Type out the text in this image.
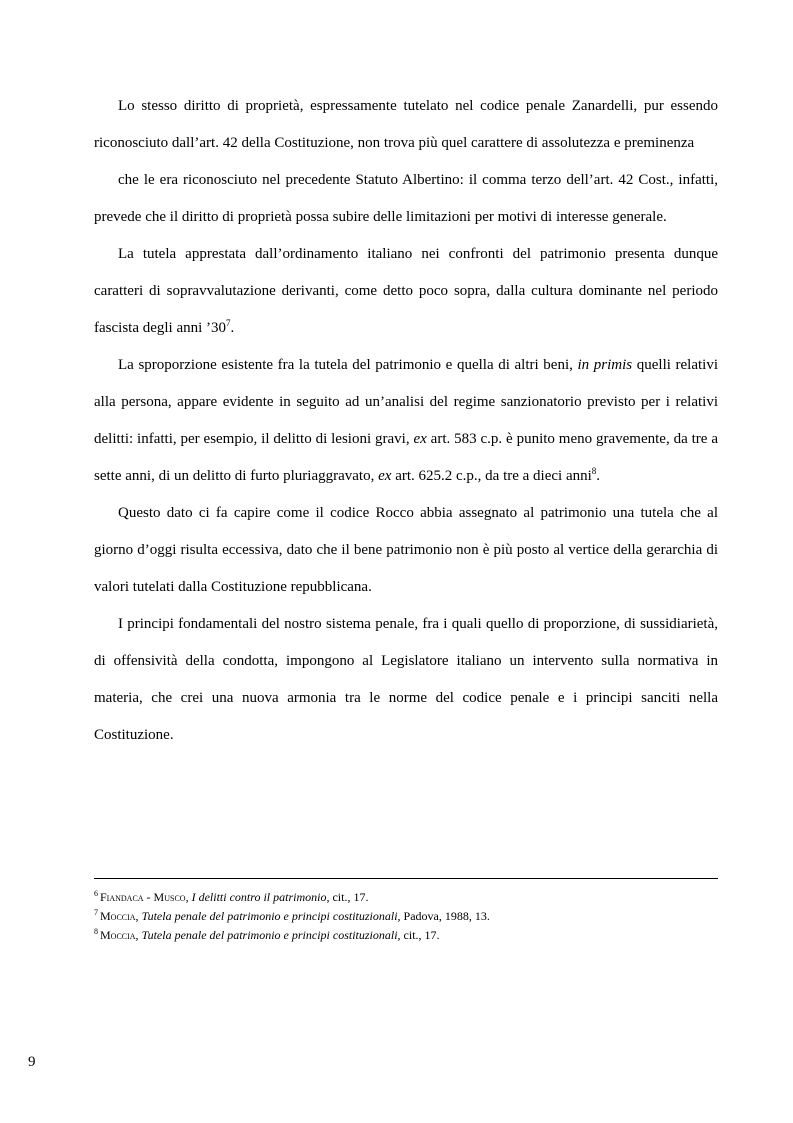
Lo stesso diritto di proprietà, espressamente tutelato nel codice penale Zanardelli, pur essendo riconosciuto dall’art. 42 della Costituzione, non trova più quel carattere di assolutezza e preminenza

che le era riconosciuto nel precedente Statuto Albertino: il comma terzo dell’art. 42 Cost., infatti, prevede che il diritto di proprietà possa subire delle limitazioni per motivi di interesse generale.

La tutela apprestata dall’ordinamento italiano nei confronti del patrimonio presenta dunque caratteri di sopravvalutazione derivanti, come detto poco sopra, dalla cultura dominante nel periodo fascista degli anni $’30^7$.

La sproporzione esistente fra la tutela del patrimonio e quella di altri beni, in primis quelli relativi alla persona, appare evidente in seguito ad un’analisi del regime sanzionatorio previsto per i relativi delitti: infatti, per esempio, il delitto di lesioni gravi, ex art. 583 c.p. è punito meno gravemente, da tre a sette anni, di un delitto di furto pluriaggravato, ex art. 625.2 c.p., da tre a dieci anni$^8$.

Questo dato ci fa capire come il codice Rocco abbia assegnato al patrimonio una tutela che al giorno d’oggi risulta eccessiva, dato che il bene patrimonio non è più posto al vertice della gerarchia di valori tutelati dalla Costituzione repubblicana.

I principi fondamentali del nostro sistema penale, fra i quali quello di proporzione, di sussidiarietà, di offensività della condotta, impongono al Legislatore italiano un intervento sulla normativa in materia, che crei una nuova armonia tra le norme del codice penale e i principi sanciti nella Costituzione.

$^6$ Fiandaca - Musco, I delitti contro il patrimonio, cit., 17.

$^7$ Moccia, Tutela penale del patrimonio e principi costituzionali, Padova, 1988, 13.

$^8$ Moccia, Tutela penale del patrimonio e principi costituzionali, cit., 17.

9
